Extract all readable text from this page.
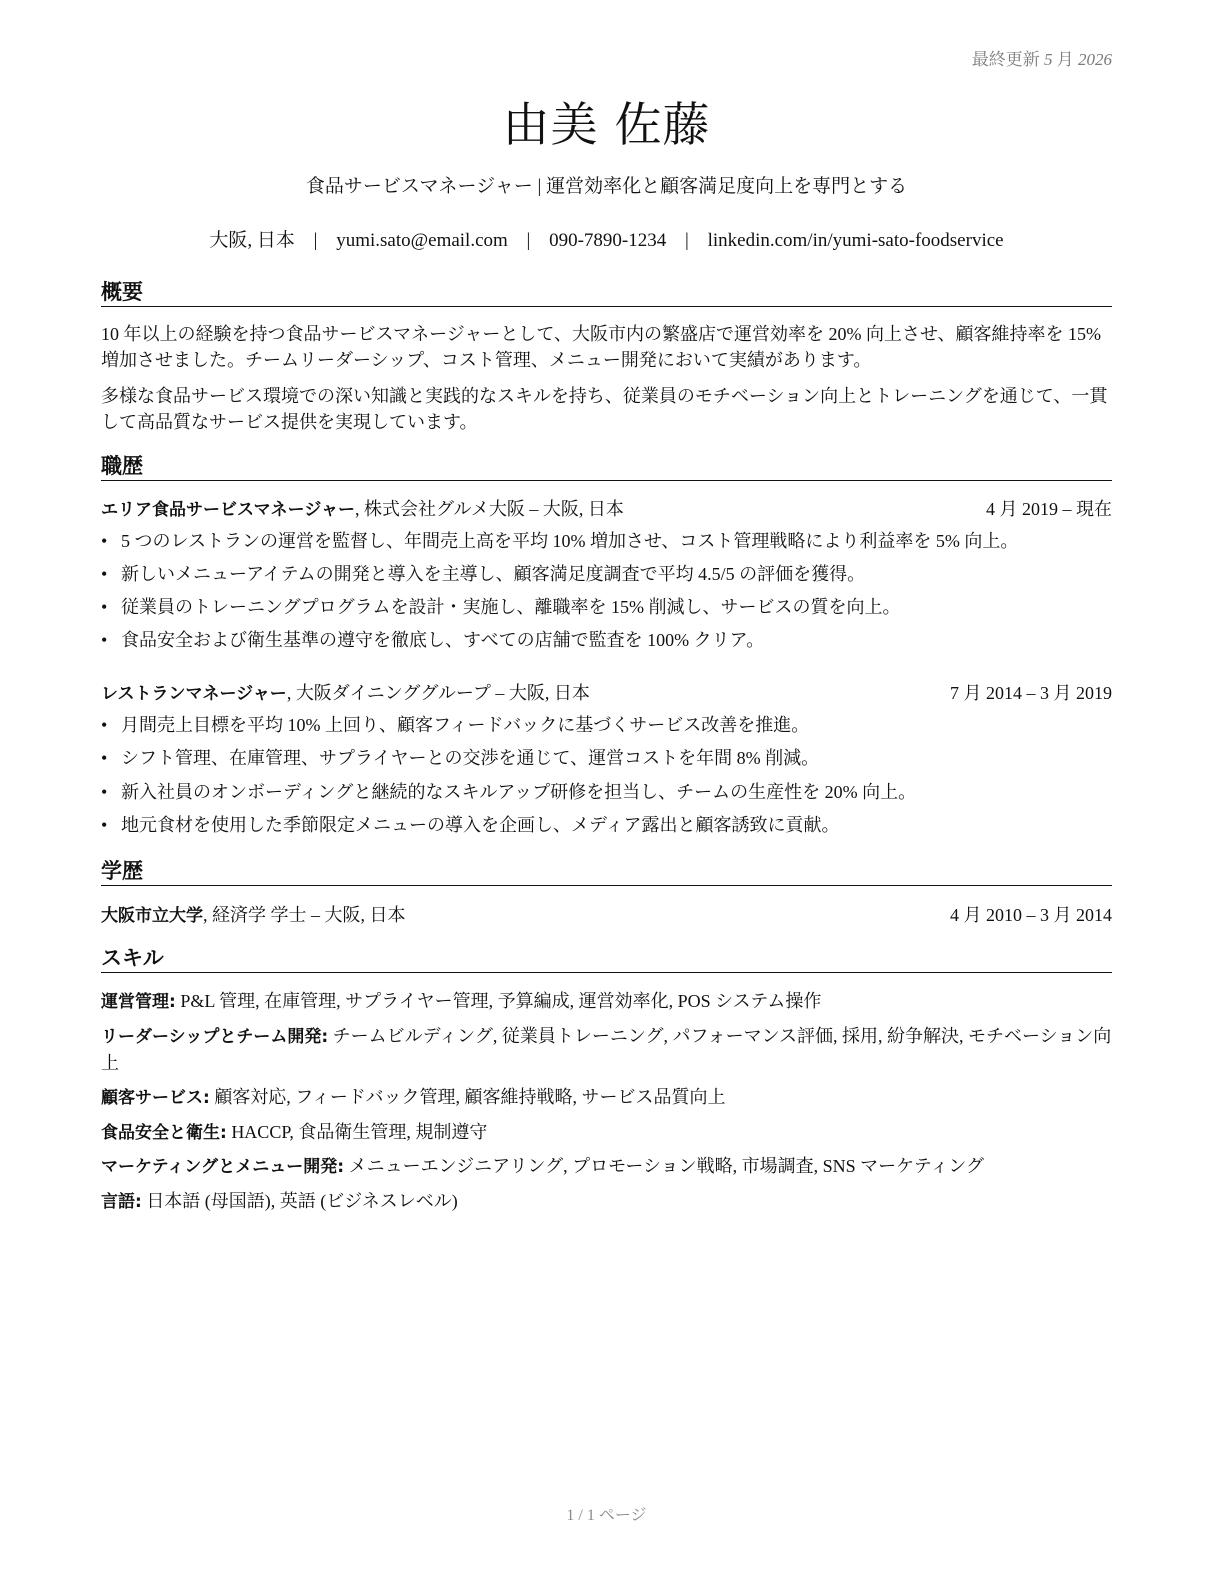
最終更新 5 月 2026
由美 佐藤
食品サービスマネージャー | 運営効率化と顧客満足度向上を専門とする
大阪, 日本 | yumi.sato@email.com | 090-7890-1234 | linkedin.com/in/yumi-sato-foodservice
概要
10 年以上の経験を持つ食品サービスマネージャーとして、大阪市内の繁盛店で運営効率を 20% 向上させ、顧客維持率を 15% 増加させました。チームリーダーシップ、コスト管理、メニュー開発において実績があります。
多様な食品サービス環境での深い知識と実践的なスキルを持ち、従業員のモチベーション向上とトレーニングを通じて、一貫して高品質なサービス提供を実現しています。
職歴
エリア食品サービスマネージャー, 株式会社グルメ大阪 – 大阪, 日本	4 月 2019 – 現在
• 5 つのレストランの運営を監督し、年間売上高を平均 10% 増加させ、コスト管理戦略により利益率を 5% 向上。
• 新しいメニューアイテムの開発と導入を主導し、顧客満足度調査で平均 4.5/5 の評価を獲得。
• 従業員のトレーニングプログラムを設計・実施し、離職率を 15% 削減し、サービスの質を向上。
• 食品安全および衛生基準の遵守を徹底し、すべての店舗で監査を 100% クリア。
レストランマネージャー, 大阪ダイニンググループ – 大阪, 日本	7 月 2014 – 3 月 2019
• 月間売上目標を平均 10% 上回り、顧客フィードバックに基づくサービス改善を推進。
• シフト管理、在庫管理、サプライヤーとの交渉を通じて、運営コストを年間 8% 削減。
• 新入社員のオンボーディングと継続的なスキルアップ研修を担当し、チームの生産性を 20% 向上。
• 地元食材を使用した季節限定メニューの導入を企画し、メディア露出と顧客誘致に貢献。
学歴
大阪市立大学, 経済学 学士 – 大阪, 日本	4 月 2010 – 3 月 2014
スキル
運営管理: P&L 管理, 在庫管理, サプライヤー管理, 予算編成, 運営効率化, POS システム操作
リーダーシップとチーム開発: チームビルディング, 従業員トレーニング, パフォーマンス評価, 採用, 紛争解決, モチベーション向上
顧客サービス: 顧客対応, フィードバック管理, 顧客維持戦略, サービス品質向上
食品安全と衛生: HACCP, 食品衛生管理, 規制遵守
マーケティングとメニュー開発: メニューエンジニアリング, プロモーション戦略, 市場調査, SNS マーケティング
言語: 日本語 (母国語), 英語 (ビジネスレベル)
1 / 1 ページ
